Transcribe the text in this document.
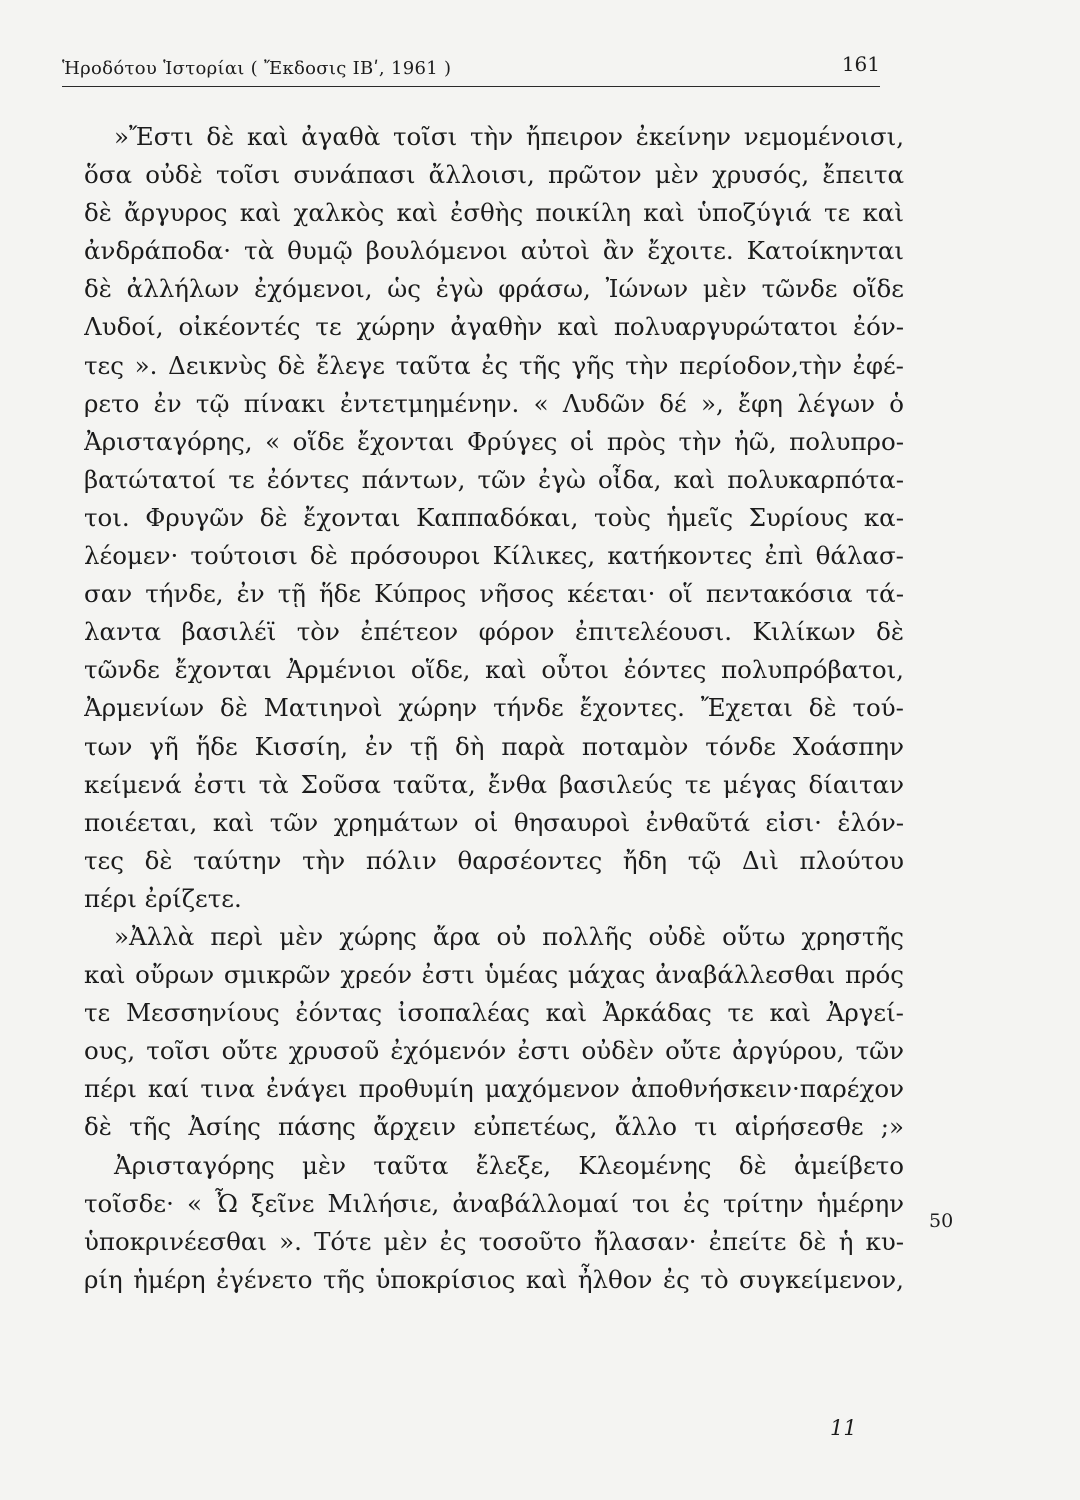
Ἡροδότου Ἱστορίαι ( Ἔκδοσις ΙΒʹ, 1961 )	161
»Ἔστι δὲ καὶ ἀγαθὰ τοῖσι τὴν ἤπειρον ἐκείνην νεμομένοισι,
ὅσα οὐδὲ τοῖσι συνάπασι ἄλλοισι, πρῶτον μὲν χρυσός, ἔπειτα
δὲ ἄργυρος καὶ χαλκὸς καὶ ἐσθὴς ποικίλη καὶ ὑποζύγιά τε καὶ
ἀνδράποδα· τὰ θυμῷ βουλόμενοι αὐτοὶ ἂν ἔχοιτε. Κατοίκηνται
δὲ ἀλλήλων ἐχόμενοι, ὡς ἐγὼ φράσω, Ἰώνων μὲν τῶνδε οἵδε
Λυδοί, οἰκέοντές τε χώρην ἀγαθὴν καὶ πολυαργυρώτατοι ἐόν-
τες ». Δεικνὺς δὲ ἔλεγε ταῦτα ἐς τῆς γῆς τὴν περίοδον,τὴν ἐφέ-
ρετο ἐν τῷ πίνακι ἐντετμημένην. « Λυδῶν δέ », ἔφη λέγων ὁ
Ἀρισταγόρης, « οἵδε ἔχονται Φρύγες οἱ πρὸς τὴν ἠῶ, πολυπρο-
βατώτατοί τε ἐόντες πάντων, τῶν ἐγὼ οἶδα, καὶ πολυκαρπότα-
τοι. Φρυγῶν δὲ ἔχονται Καππαδόκαι, τοὺς ἡμεῖς Συρίους κα-
λέομεν· τούτοισι δὲ πρόσουροι Κίλικες, κατήκοντες ἐπὶ θάλασ-
σαν τήνδε, ἐν τῇ ἥδε Κύπρος νῆσος κέεται· οἵ πεντακόσια τά-
λαντα βασιλέϊ τὸν ἐπέτεον φόρον ἐπιτελέουσι. Κιλίκων δὲ
τῶνδε ἔχονται Ἀρμένιοι οἵδε, καὶ οὗτοι ἐόντες πολυπρόβατοι,
Ἀρμενίων δὲ Ματιηνοὶ χώρην τήνδε ἔχοντες. Ἔχεται δὲ τού-
των γῆ ἥδε Κισσίη, ἐν τῇ δὴ παρὰ ποταμὸν τόνδε Χοάσπην
κείμενά ἐστι τὰ Σοῦσα ταῦτα, ἔνθα βασιλεύς τε μέγας δίαιταν
ποιέεται, καὶ τῶν χρημάτων οἱ θησαυροὶ ἐνθαῦτά εἰσι· ἑλόν-
τες δὲ ταύτην τὴν πόλιν θαρσέοντες ἤδη τῷ Διὶ πλούτου
πέρι ἐρίζετε.
»Ἀλλὰ περὶ μὲν χώρης ἄρα οὐ πολλῆς οὐδὲ οὕτω χρηστῆς
καὶ οὔρων σμικρῶν χρεόν ἐστι ὑμέας μάχας ἀναβάλλεσθαι πρός
τε Μεσσηνίους ἐόντας ἰσοπαλέας καὶ Ἀρκάδας τε καὶ Ἀργεί-
ους, τοῖσι οὔτε χρυσοῦ ἐχόμενόν ἐστι οὐδὲν οὔτε ἀργύρου, τῶν
πέρι καί τινα ἐνάγει προθυμίη μαχόμενον ἀποθνήσκειν·παρέχον
δὲ τῆς Ἀσίης πάσης ἄρχειν εὐπετέως, ἄλλο τι αἱρήσεσθε ;»
Ἀρισταγόρης μὲν ταῦτα ἔλεξε, Κλεομένης δὲ ἀμείβετο
τοῖσδε· « Ὦ ξεῖνε Μιλήσιε, ἀναβάλλομαί τοι ἐς τρίτην ἡμέρην
ὑποκρινέεσθαι ». Τότε μὲν ἐς τοσοῦτο ἤλασαν· ἐπείτε δὲ ἡ κυ-
ρίη ἡμέρη ἐγένετο τῆς ὑποκρίσιος καὶ ἦλθον ἐς τὸ συγκείμενον,
50
11
